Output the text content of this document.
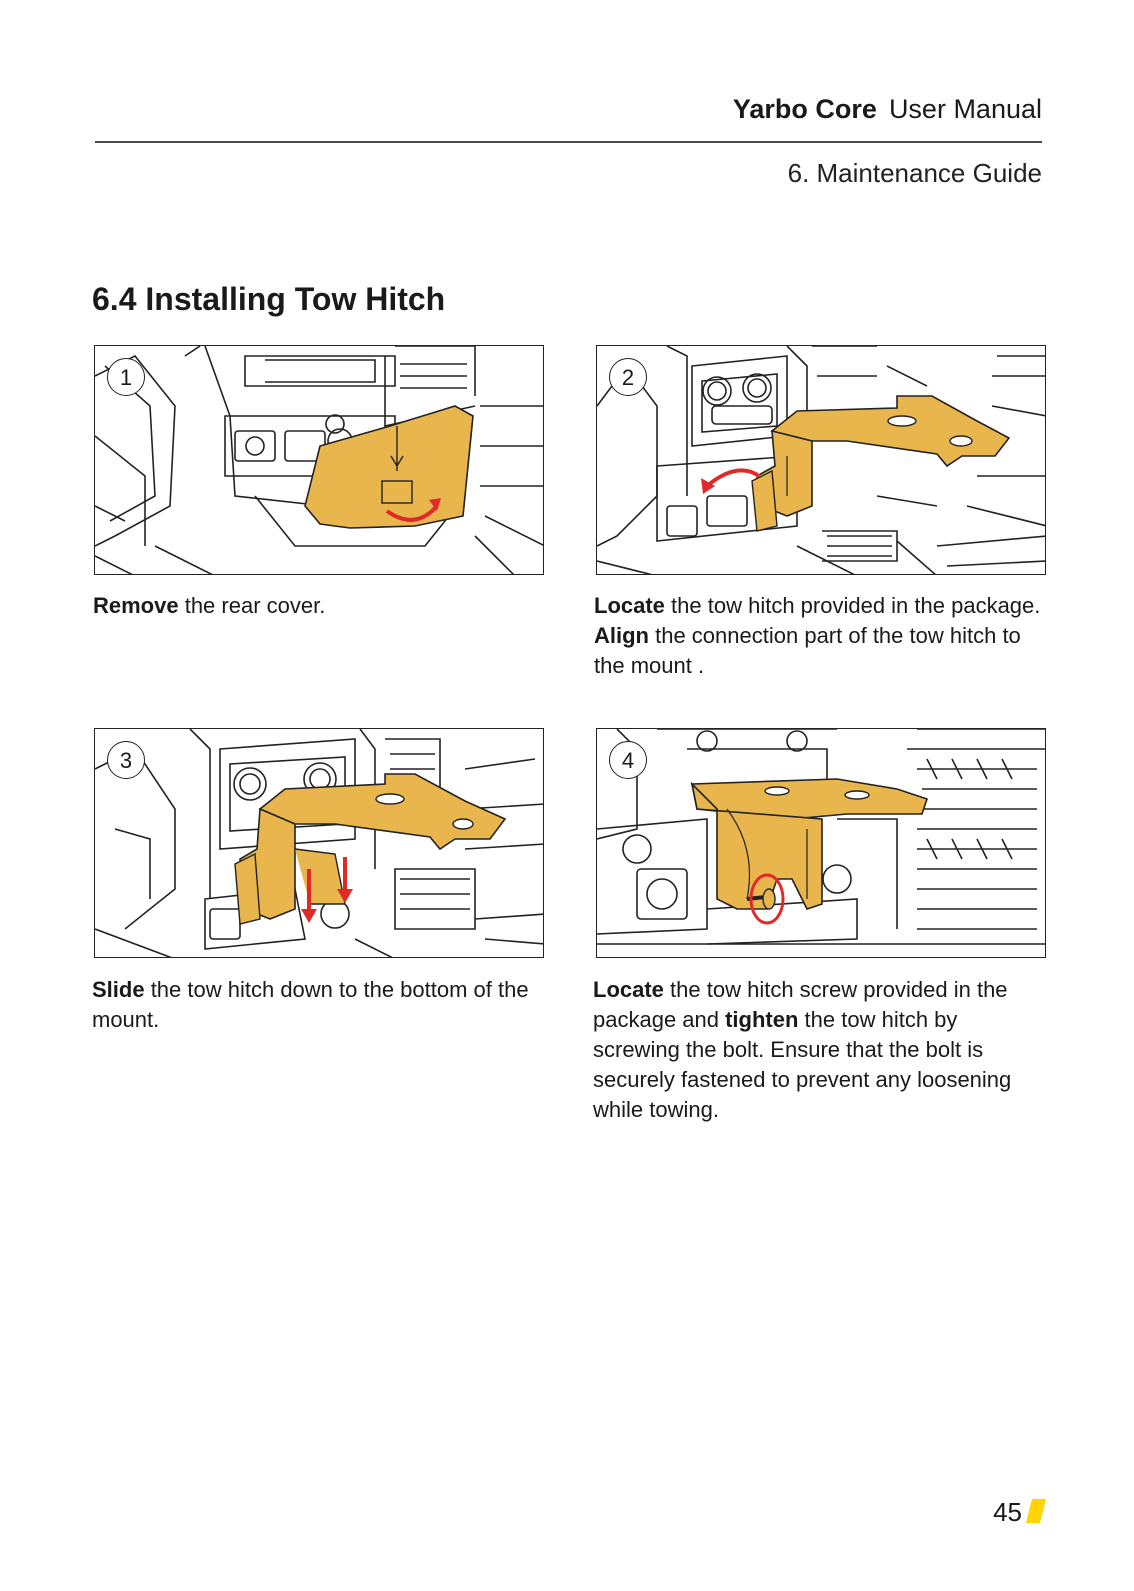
Yarbo Core User Manual
6. Maintenance Guide
6.4 Installing Tow Hitch
1	2
3	4
Remove the rear cover.	Locate the tow hitch provided in the package. Align the connection part of the tow hitch to the mount .
Slide the tow hitch down to the bottom of the mount.
Locate the tow hitch screw provided in the package and tighten the tow hitch by screwing the bolt. Ensure that the bolt is securely fastened to prevent any loosening while towing.
45
